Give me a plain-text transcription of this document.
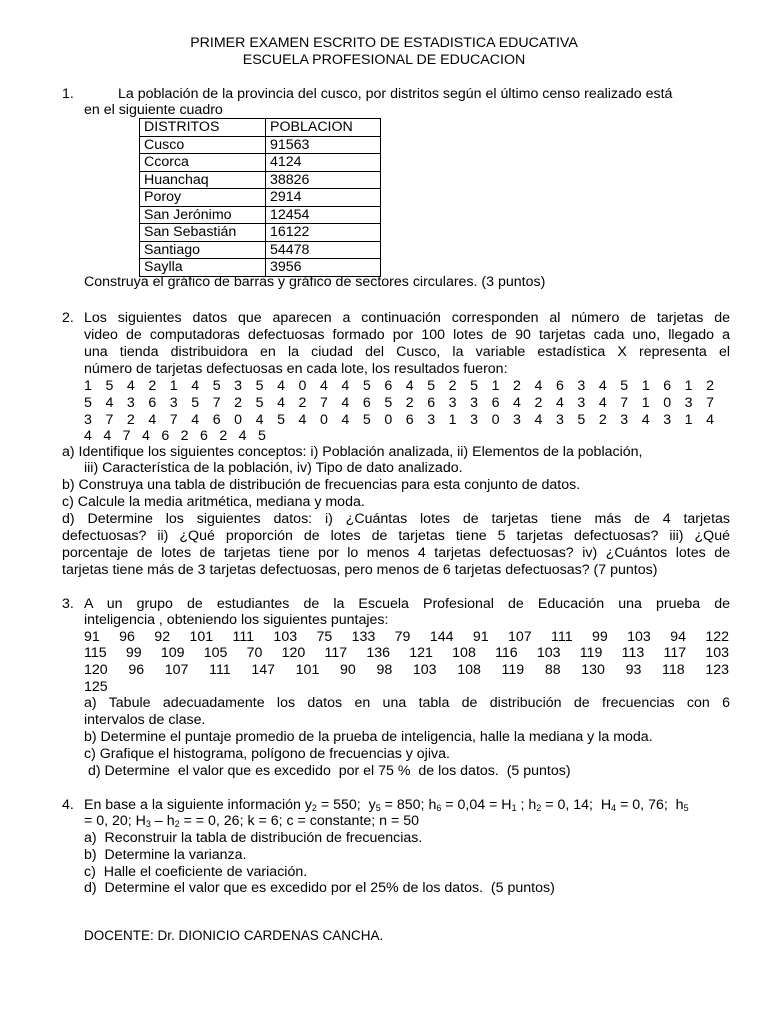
PRIMER EXAMEN ESCRITO DE ESTADISTICA EDUCATIVA
ESCUELA PROFESIONAL DE EDUCACION
1.	La población de la provincia del cusco, por distritos según el último censo realizado está
en el siguiente cuadro
DISTRITOS	POBLACION
Cusco	91563
Ccorca	4124
Huanchaq	38826
Poroy	2914
San Jerónimo	12454
San Sebastián	16122
Santiago	54478
Saylla	3956
Construya el gráfico de barras y gráfico de sectores circulares. (3 puntos)
2. Los siguientes datos que aparecen a continuación corresponden al número de tarjetas de
video de computadoras defectuosas formado por 100 lotes de 90 tarjetas cada uno, llegado a
una tienda distribuidora en la ciudad del Cusco, la variable estadística X representa el
número de tarjetas defectuosas en cada lote, los resultados fueron:
1 5 4 2 1 4 5 3 5 4 0 4 4 5 6 4 5 2 5 1 2 4 6 3 4 5 1 6 1 2
5 4 3 6 3 5 7 2 5 4 2 7 4 6 5 2 6 3 3 6 4 2 4 3 4 7 1 0 3 7
3 7 2 4 7 4 6 0 4 5 4 0 4 5 0 6 3 1 3 0 3 4 3 5 2 3 4 3 1 4
4 4 7 4 6 2 6 2 4 5
a) Identifique los siguientes conceptos: i) Población analizada, ii) Elementos de la población,
iii) Característica de la población, iv) Tipo de dato analizado.
b) Construya una tabla de distribución de frecuencias para esta conjunto de datos.
c) Calcule la media aritmética, mediana y moda.
d) Determine los siguientes datos: i) ¿Cuántas lotes de tarjetas tiene más de 4 tarjetas
defectuosas? ii) ¿Qué proporción de lotes de tarjetas tiene 5 tarjetas defectuosas? iii) ¿Qué
porcentaje de lotes de tarjetas tiene por lo menos 4 tarjetas defectuosas? iv) ¿Cuántos lotes de
tarjetas tiene más de 3 tarjetas defectuosas, pero menos de 6 tarjetas defectuosas? (7 puntos)
3. A un grupo de estudiantes de la Escuela Profesional de Educación una prueba de
inteligencia , obteniendo los siguientes puntajes:
91 96 92 101 111 103 75 133 79 144 91 107 111 99 103 94 122
115 99 109 105 70 120 117 136 121 108 116 103 119 113 117 103
120 96 107 111 147 101 90 98 103 108 119 88 130 93 118 123
125
a) Tabule adecuadamente los datos en una tabla de distribución de frecuencias con 6
intervalos de clase.
b) Determine el puntaje promedio de la prueba de inteligencia, halle la mediana y la moda.
c) Grafique el histograma, polígono de frecuencias y ojiva.
d) Determine  el valor que es excedido  por el 75 %  de los datos.  (5 puntos)
4. En base a la siguiente información $y_2 = 550$;  $y_5 = 850$; $h_6 = 0,04 = H_1$ ; $h_2 = 0$, 14;  $H_4 = 0$, 76;  $h_5$
= 0, 20; $H_3 - h_2$ = = 0, 26; k = 6; c = constante; n = 50
a)  Reconstruir la tabla de distribución de frecuencias.
b)  Determine la varianza.
c)  Halle el coeficiente de variación.
d)  Determine el valor que es excedido por el 25% de los datos.  (5 puntos)
DOCENTE: Dr. DIONICIO CARDENAS CANCHA.
